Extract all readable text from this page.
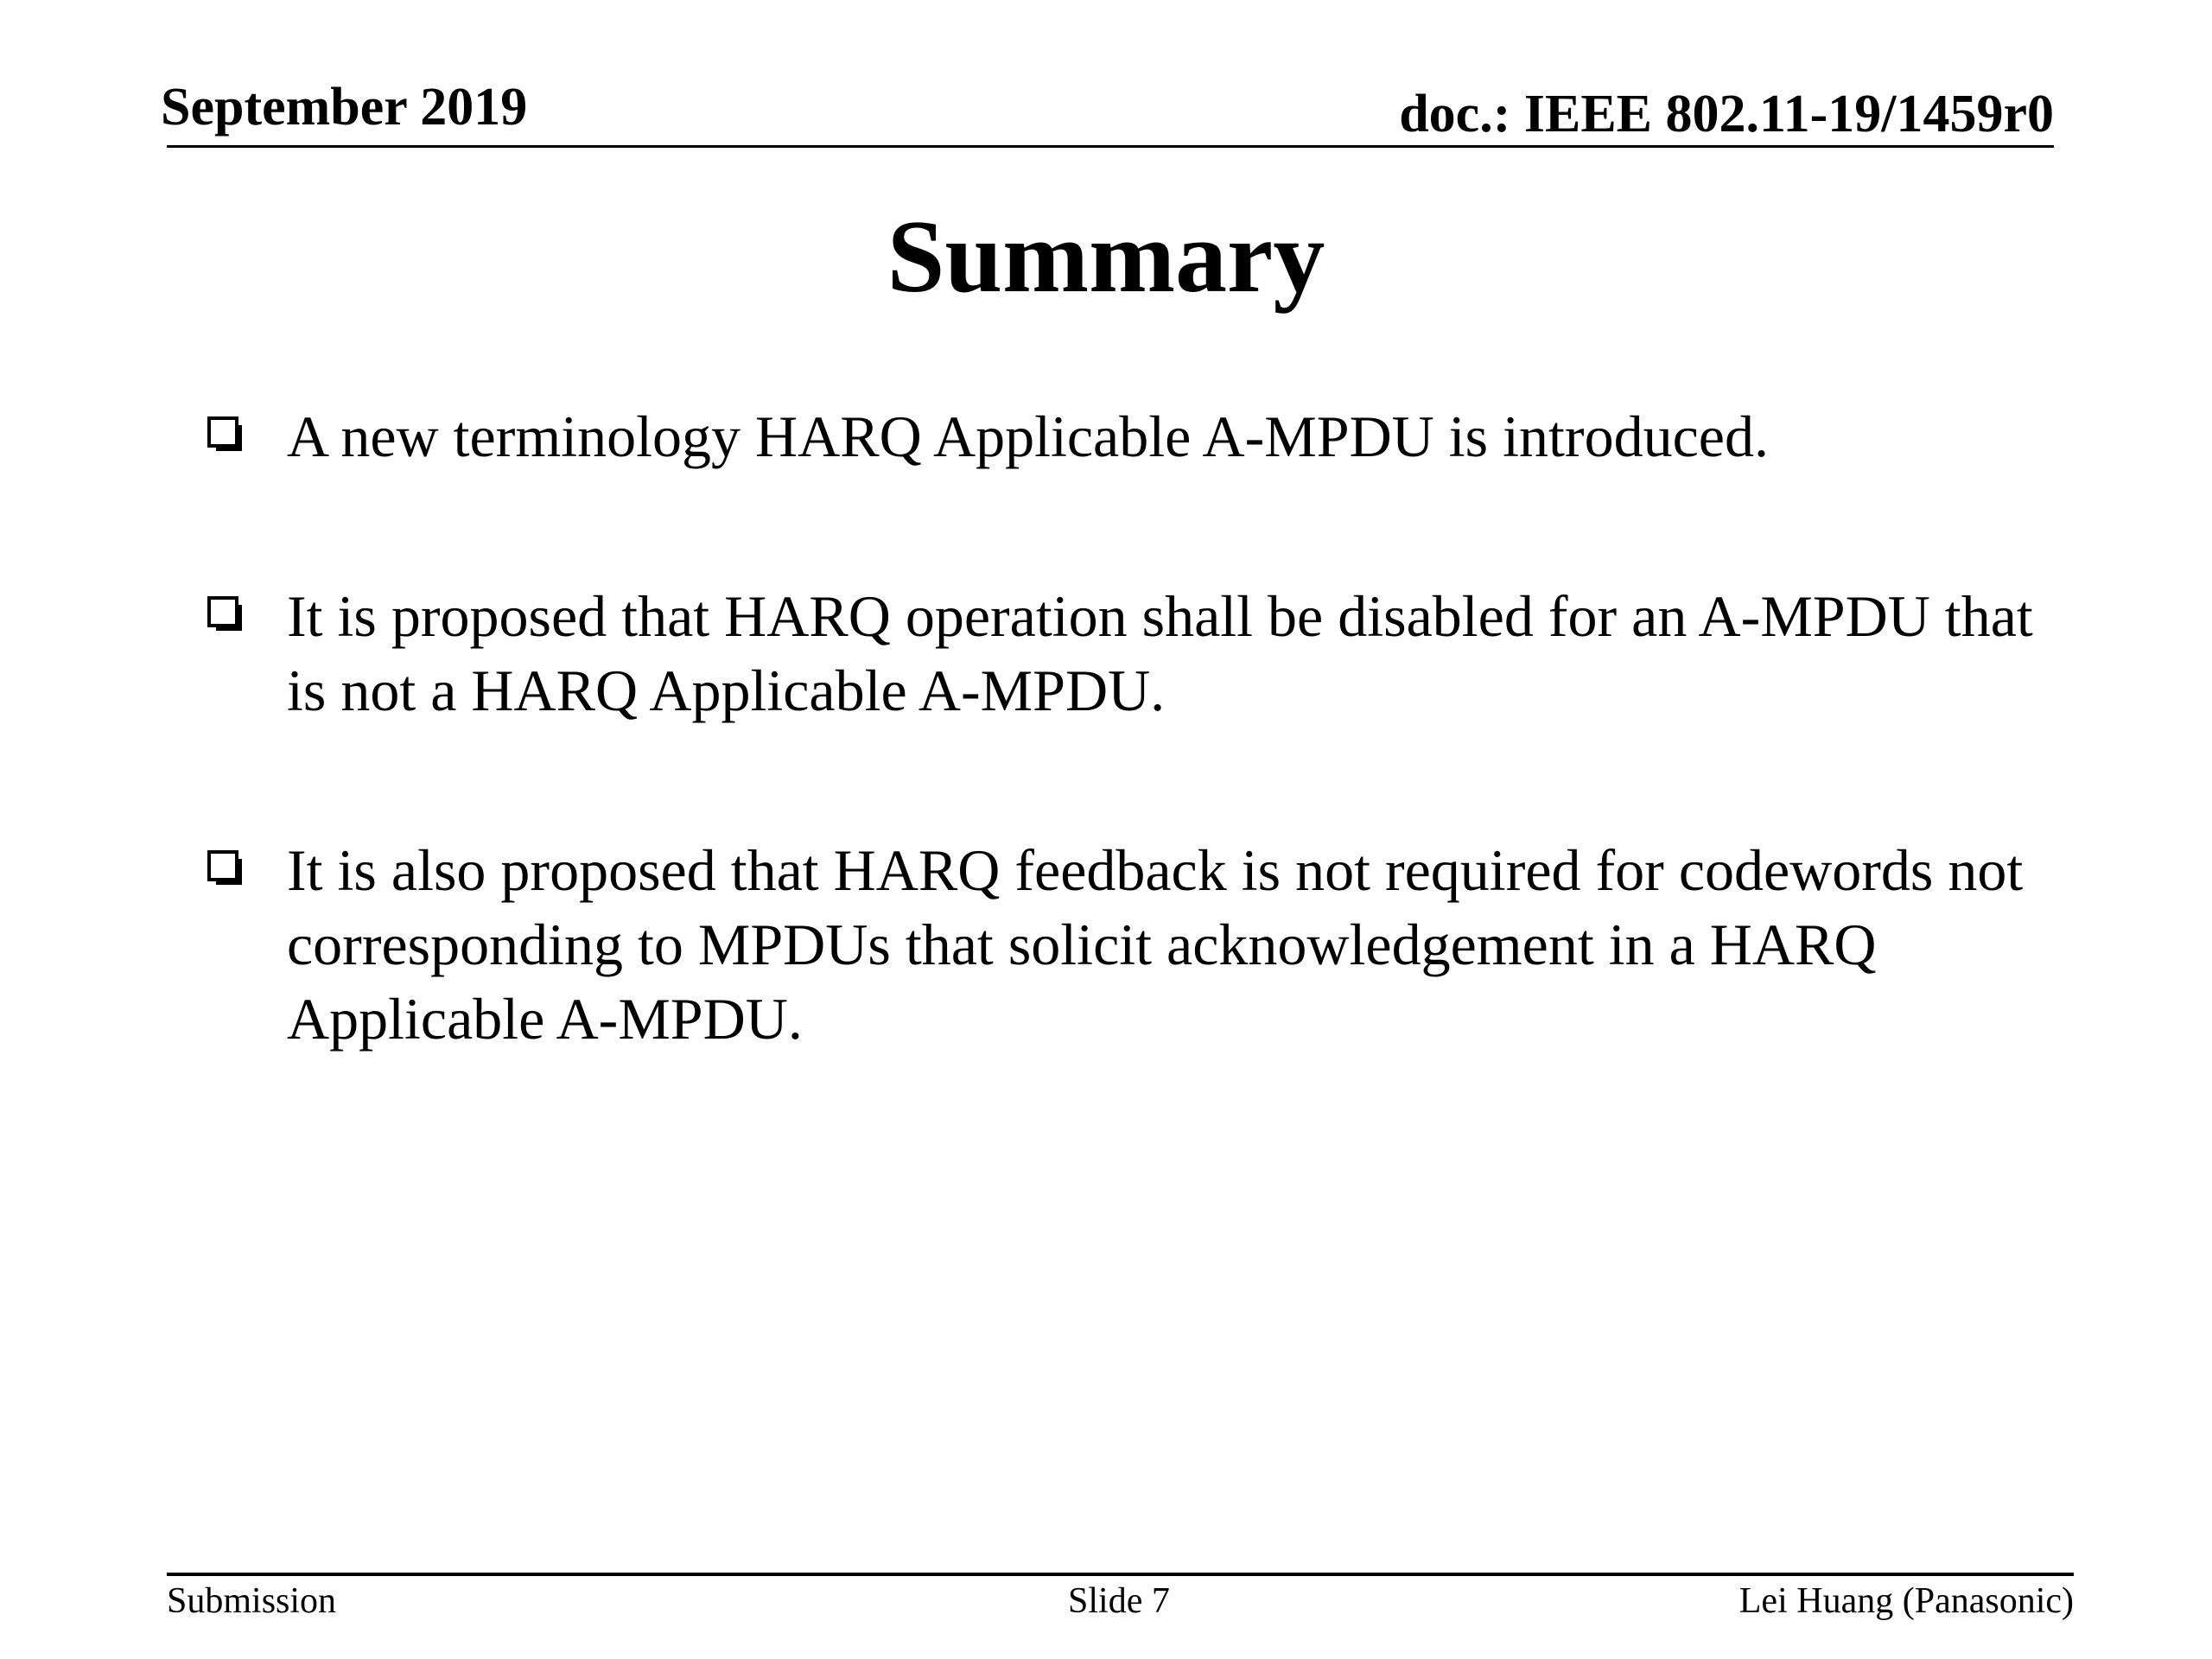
September 2019	doc.: IEEE 802.11-19/1459r0
Summary
A new terminology HARQ Applicable A-MPDU is introduced.
It is proposed that HARQ operation shall be disabled for an A-MPDU that is not a HARQ Applicable A-MPDU.
It is also proposed that HARQ feedback is not required for codewords not corresponding to MPDUs that solicit acknowledgement in a HARQ Applicable A-MPDU.
Submission	Slide 7	Lei Huang (Panasonic)
